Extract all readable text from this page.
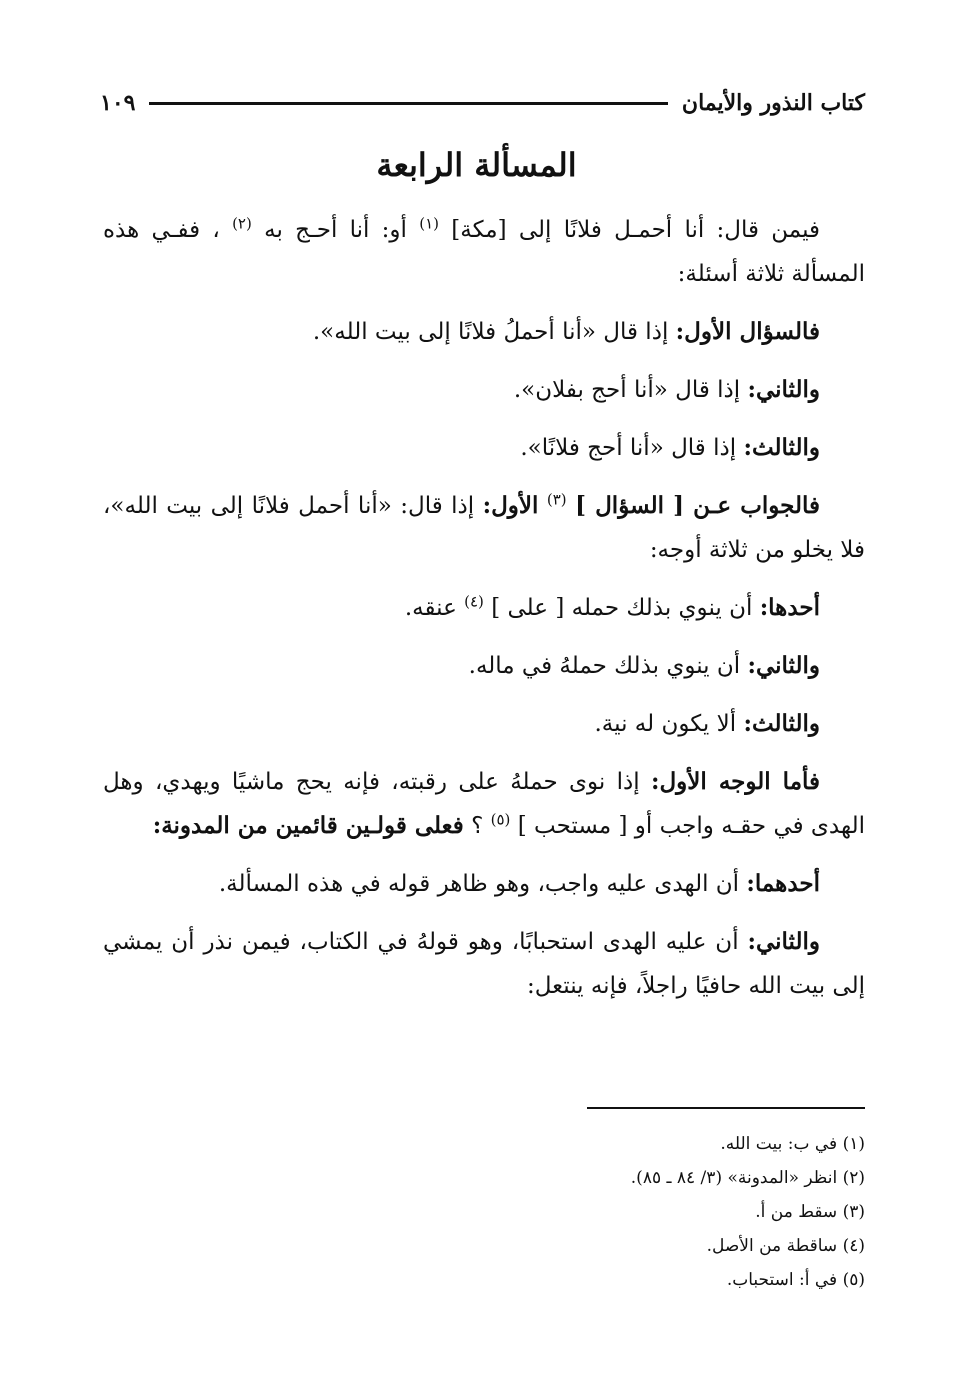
كتاب النذور والأيمان
١٠٩
المسألة الرابعة

فيمن قال: أنا أحمـل فلانًا إلى [مكة] $^{(١)}$ أو: أنا أحـج به $^{(٢)}$ ، ففـي هذه المسألة ثلاثة أسئلة:

فالسؤال الأول: إذا قال «أنا أحملُ فلانًا إلى بيت الله».

والثاني: إذا قال «أنا أحج بفلان».

والثالث: إذا قال «أنا أحج فلانًا».

فالجواب عـن [ السؤال ] $^{(٣)}$ الأول: إذا قال: «أنا أحمل فلانًا إلى بيت الله»، فلا يخلو من ثلاثة أوجه:

أحدها: أن ينوي بذلك حمله [ على ] $^{(٤)}$ عنقه.

والثاني: أن ينوي بذلك حملهُ في ماله.

والثالث: ألا يكون له نية.

فأما الوجه الأول: إذا نوى حملهُ على رقبته، فإنه يحج ماشيًا ويهدي، وهل الهدى في حقـه واجب أو [ مستحب ] $^{(٥)}$ ؟ فعلى قولـين قائمين من المدونة:

أحدهما: أن الهدى عليه واجب، وهو ظاهر قوله في هذه المسألة.

والثاني: أن عليه الهدى استحبابًا، وهو قولهُ في الكتاب، فيمن نذر أن يمشي إلى بيت الله حافيًا راجلاً، فإنه ينتعل:

(١) في ب: بيت الله.
(٢) انظر «المدونة» (٣/ ٨٤ ـ ٨٥).
(٣) سقط من أ.
(٤) ساقطة من الأصل.
(٥) في أ: استحباب.
